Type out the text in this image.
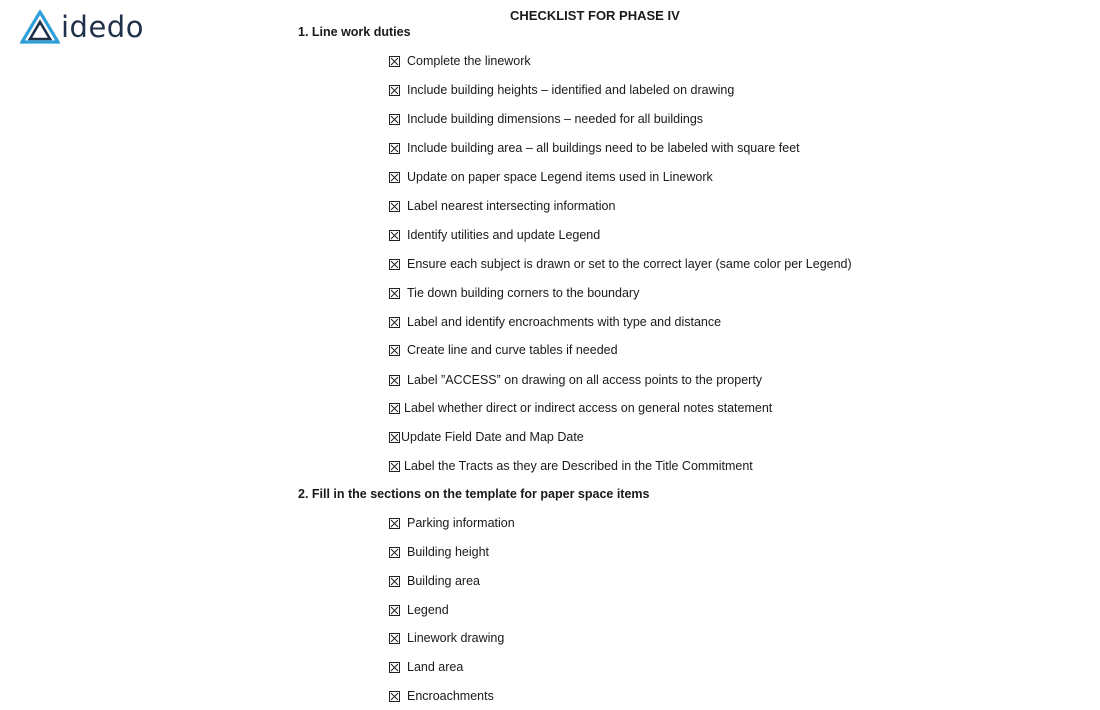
idedo	CHECKLIST FOR PHASE IV
1. Line work duties
Complete the linework
Include building heights – identified and labeled on drawing
Include building dimensions – needed for all buildings
Include building area – all buildings need to be labeled with square feet
Update on paper space Legend items used in Linework
Label nearest intersecting information
Identify utilities and update Legend
Ensure each subject is drawn or set to the correct layer (same color per Legend)
Tie down building corners to the boundary
Label and identify encroachments with type and distance
Create line and curve tables if needed
Label ”ACCESS” on drawing on all access points to the property
Label whether direct or indirect access on general notes statement
Update Field Date and Map Date
Label the Tracts as they are Described in the Title Commitment
2. Fill in the sections on the template for paper space items
Parking information
Building height
Building area
Legend
Linework drawing
Land area
Encroachments
